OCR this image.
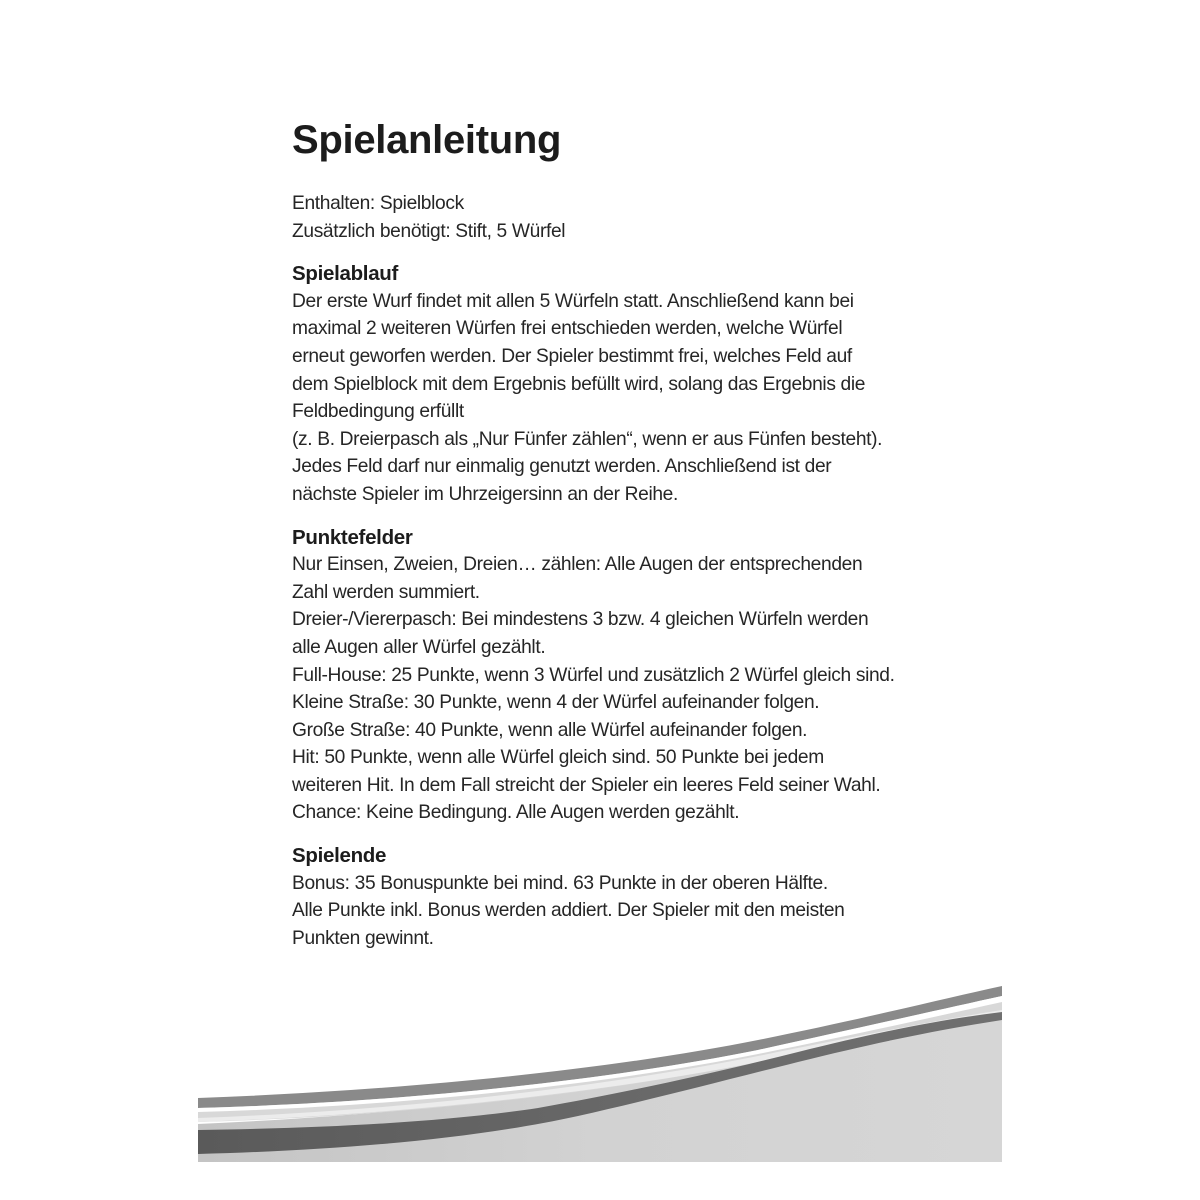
Spielanleitung

Enthalten: Spielblock

Zusätzlich benötigt: Stift, 5 Würfel

Spielablauf

Der erste Wurf findet mit allen 5 Würfeln statt. Anschließend kann bei

maximal 2 weiteren Würfen frei entschieden werden, welche Würfel

erneut geworfen werden. Der Spieler bestimmt frei, welches Feld auf

dem Spielblock mit dem Ergebnis befüllt wird, solang das Ergebnis die

Feldbedingung erfüllt

(z. B. Dreierpasch als „Nur Fünfer zählen“, wenn er aus Fünfen besteht).

Jedes Feld darf nur einmalig genutzt werden. Anschließend ist der

nächste Spieler im Uhrzeigersinn an der Reihe.

Punktefelder

Nur Einsen, Zweien, Dreien… zählen: Alle Augen der entsprechenden

Zahl werden summiert.

Dreier-/Viererpasch: Bei mindestens 3 bzw. 4 gleichen Würfeln werden

alle Augen aller Würfel gezählt.

Full-House: 25 Punkte, wenn 3 Würfel und zusätzlich 2 Würfel gleich sind.

Kleine Straße: 30 Punkte, wenn 4 der Würfel aufeinander folgen.

Große Straße: 40 Punkte, wenn alle Würfel aufeinander folgen.

Hit: 50 Punkte, wenn alle Würfel gleich sind. 50 Punkte bei jedem

weiteren Hit. In dem Fall streicht der Spieler ein leeres Feld seiner Wahl.

Chance: Keine Bedingung. Alle Augen werden gezählt.

Spielende

Bonus: 35 Bonuspunkte bei mind. 63 Punkte in der oberen Hälfte.

Alle Punkte inkl. Bonus werden addiert. Der Spieler mit den meisten

Punkten gewinnt.
